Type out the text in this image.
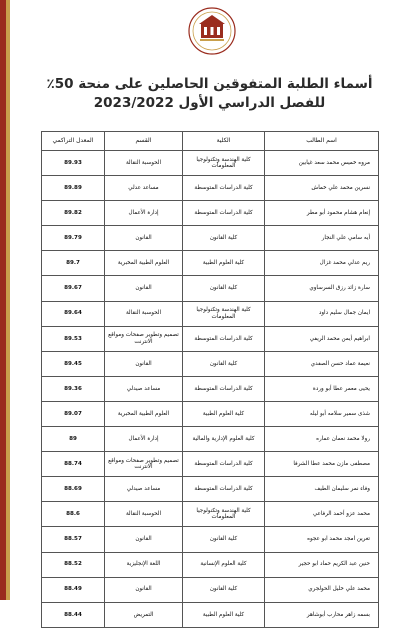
أسماء الطلبة المتفوقين الحاصلين على منحة 50٪
للفصل الدراسي الأول 2023/2022
اسم الطالب	الكلية	القسم	المعدل التراكمي
مروه خميس محمد سعد غيابين	كلية الهندسة وتكنولوجيا المعلومات	الحوسبة النقالة	89.93
نسرين محمد علي خماش	كلية الدراسات المتوسطة	مساعد عدلي	89.89
إنعام هشام محمود أبو مطر	كلية الدراسات المتوسطة	إدارة الأعمال	89.82
أيه سامي علي النجار	كلية القانون	القانون	89.79
ريم عدلي محمد غزال	كلية العلوم الطبية	العلوم الطبية المخبرية	89.7
سارة زائد رزق السرساوي	كلية القانون	القانون	89.67
ايمان جمال سليم داود	كلية الهندسة وتكنولوجيا المعلومات	الحوسبة النقالة	89.64
ابراهيم أيمن محمد الريفي	كلية الدراسات المتوسطة	تصميم وتطوير صفحات ومواقع الانترنت	89.53
نعيمة عماد حسن الصفدي	كلية القانون	القانون	89.45
يحيى معمر عطا أبو وردة	كلية الدراسات المتوسطة	مساعد صيدلي	89.36
شذى سمير سلامه أبو ليله	كلية العلوم الطبية	العلوم الطبية المخبرية	89.07
رولا محمد نعمان عماره	كلية العلوم الإدارية والمالية	إدارة الأعمال	89
مصطفى مازن محمد عطا الشرفا	كلية الدراسات المتوسطة	تصميم وتطوير صفحات ومواقع الانترنت	88.74
وفاء نمر سليمان الطيف	كلية الدراسات المتوسطة	مساعد صيدلي	88.69
محمد عزو أحمد الرفاعي	كلية الهندسة وتكنولوجيا المعلومات	الحوسبة النقالة	88.6
تغرين امجد محمد ابو عجوه	كلية القانون	القانون	88.57
حنين عبد الكريم حماد ابو حجير	كلية العلوم الإنسانية	اللغة الإنجليزية	88.52
محمد علي خليل الحولجري	كلية القانون	القانون	88.49
بسمه زاهر محارب أبوشاهر	كلية العلوم الطبية	التمريض	88.44
